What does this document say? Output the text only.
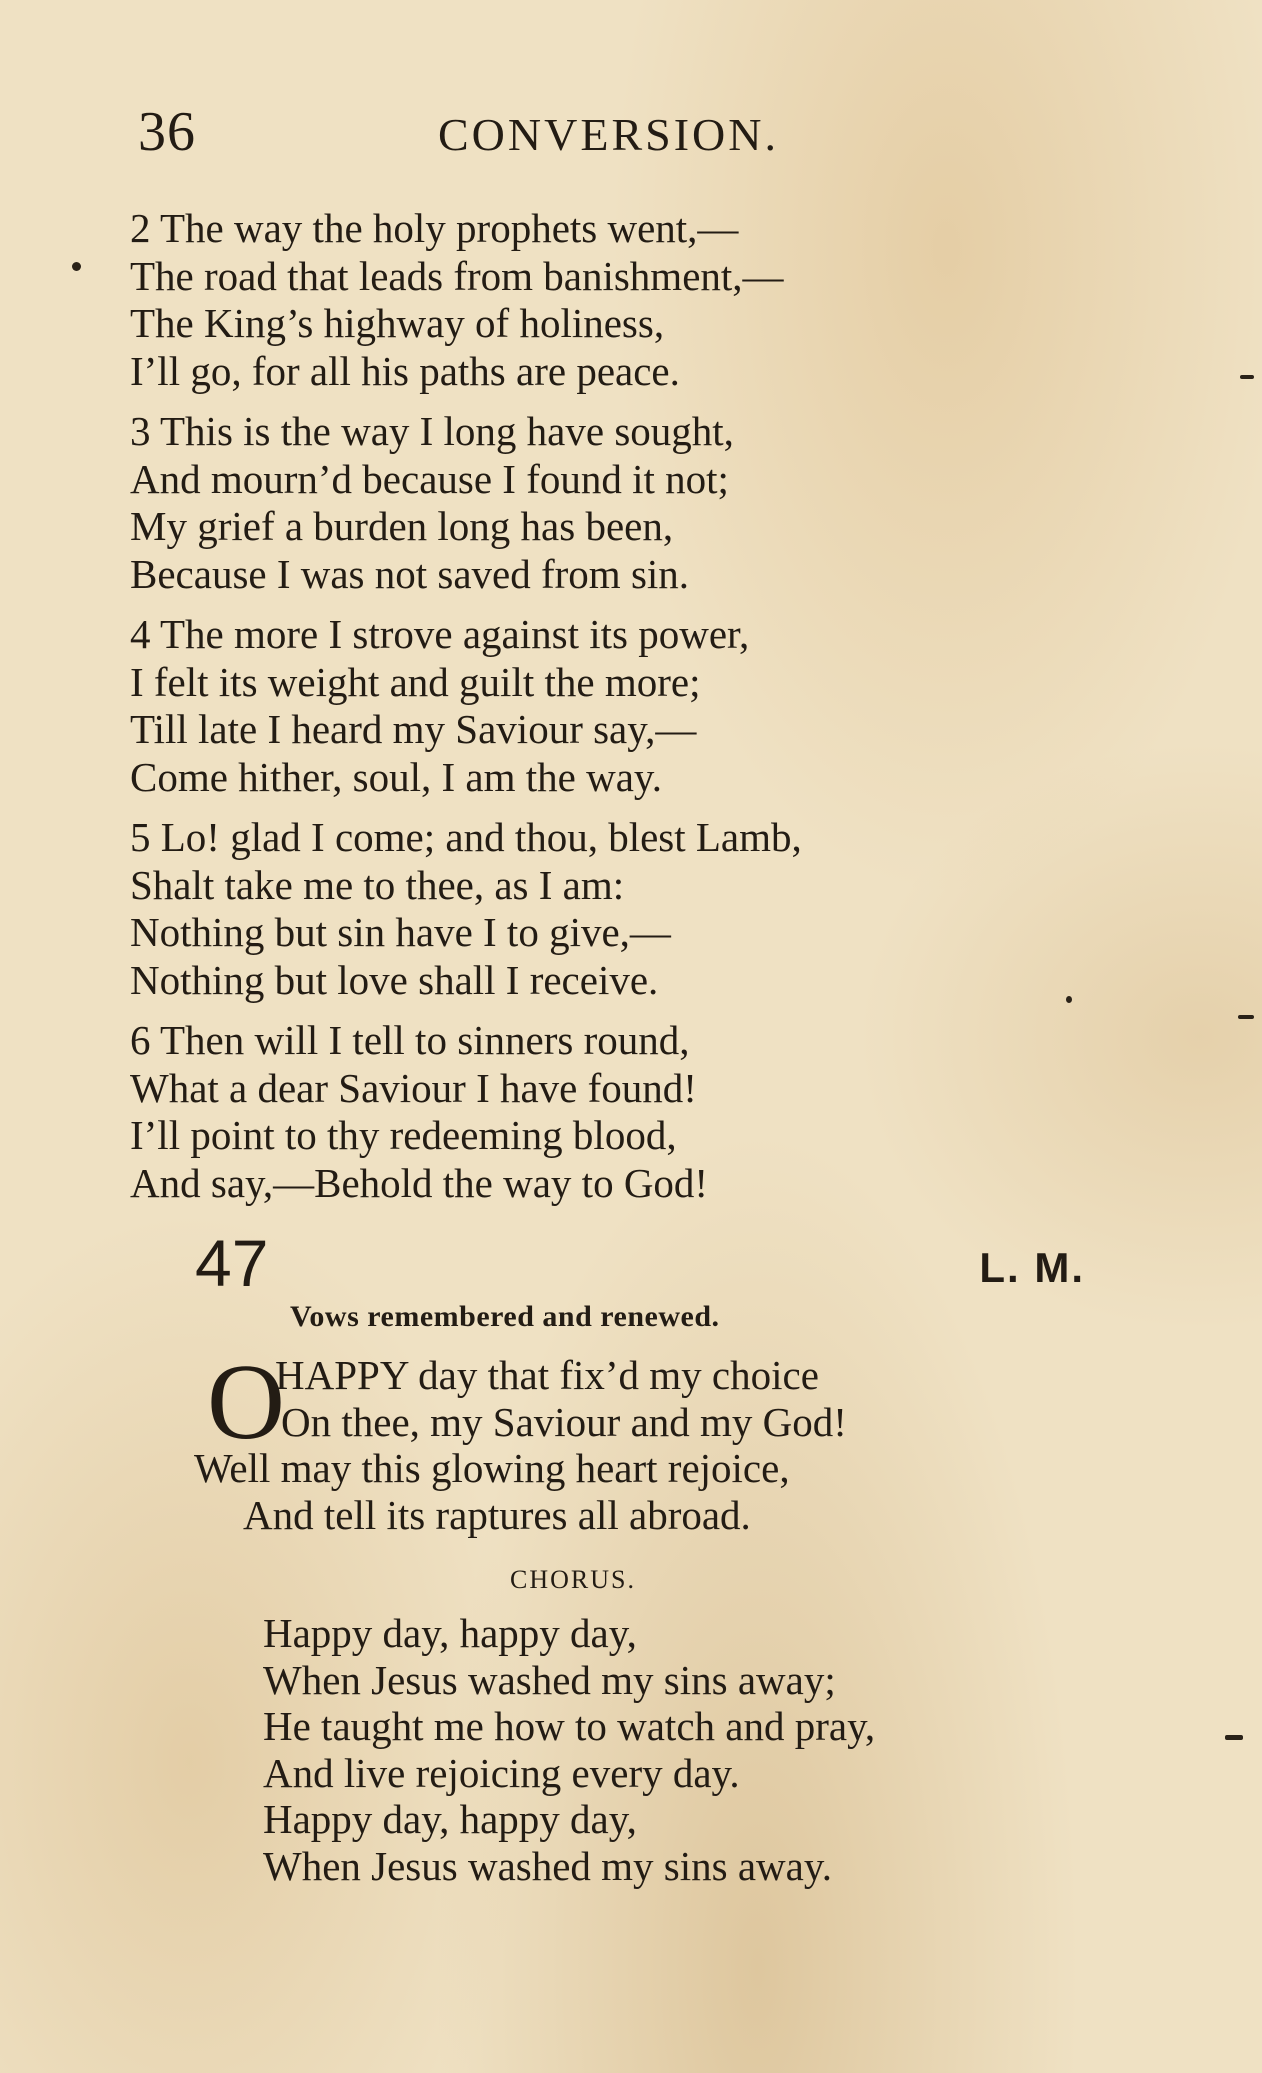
36	CONVERSION.
2 The way the holy prophets went,—
The road that leads from banishment,—
The King’s highway of holiness,
I’ll go, for all his paths are peace.
3 This is the way I long have sought,
And mourn’d because I found it not;
My grief a burden long has been,
Because I was not saved from sin.
4 The more I strove against its power,
I felt its weight and guilt the more;
Till late I heard my Saviour say,—
Come hither, soul, I am the way.
5 Lo! glad I come; and thou, blest Lamb,
Shalt take me to thee, as I am:
Nothing but sin have I to give,—
Nothing but love shall I receive.
6 Then will I tell to sinners round,
What a dear Saviour I have found!
I’ll point to thy redeeming blood,
And say,—Behold the way to God!
47	L. M.
Vows remembered and renewed.
O
HAPPY day that fix’d my choice
On thee, my Saviour and my God!
Well may this glowing heart rejoice,
And tell its raptures all abroad.
CHORUS.
Happy day, happy day,
When Jesus washed my sins away;
He taught me how to watch and pray,
And live rejoicing every day.
Happy day, happy day,
When Jesus washed my sins away.
